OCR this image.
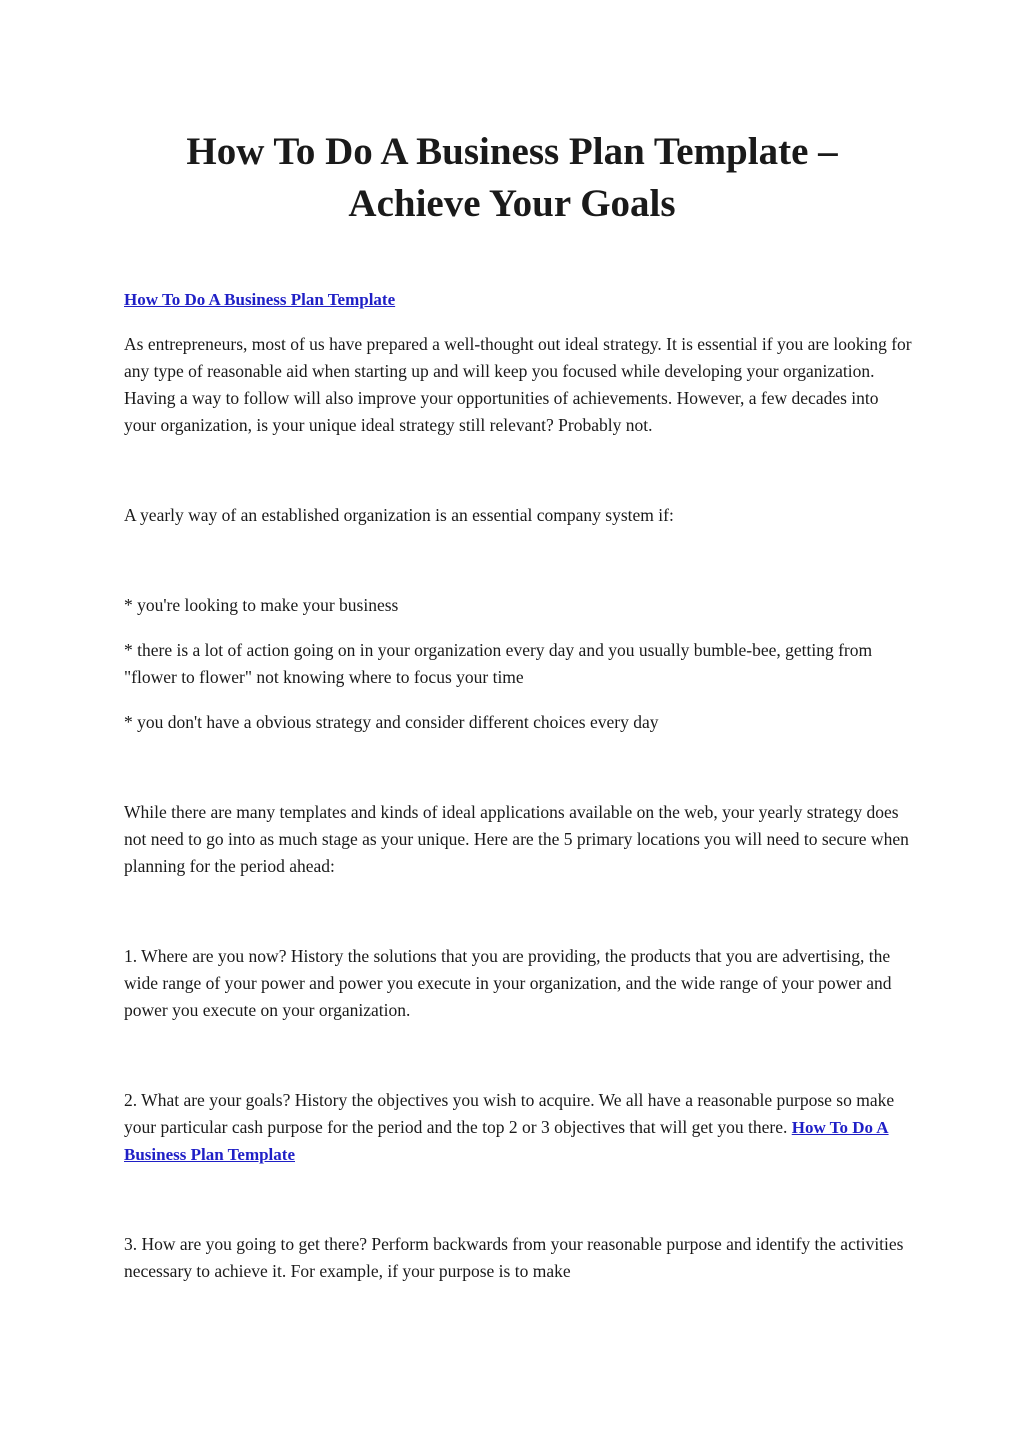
How To Do A Business Plan Template –
Achieve Your Goals

How To Do A Business Plan Template

As entrepreneurs, most of us have prepared a well-thought out ideal strategy. It is essential if you are looking for any type of reasonable aid when starting up and will keep you focused while developing your organization. Having a way to follow will also improve your opportunities of achievements. However, a few decades into your organization, is your unique ideal strategy still relevant? Probably not.

A yearly way of an established organization is an essential company system if:

* you're looking to make your business

* there is a lot of action going on in your organization every day and you usually bumble-bee, getting from "flower to flower" not knowing where to focus your time

* you don't have a obvious strategy and consider different choices every day

While there are many templates and kinds of ideal applications available on the web, your yearly strategy does not need to go into as much stage as your unique. Here are the 5 primary locations you will need to secure when planning for the period ahead:

1. Where are you now? History the solutions that you are providing, the products that you are advertising, the wide range of your power and power you execute in your organization, and the wide range of your power and power you execute on your organization.

2. What are your goals? History the objectives you wish to acquire. We all have a reasonable purpose so make your particular cash purpose for the period and the top 2 or 3 objectives that will get you there. How To Do A Business Plan Template

3. How are you going to get there? Perform backwards from your reasonable purpose and identify the activities necessary to achieve it. For example, if your purpose is to make
